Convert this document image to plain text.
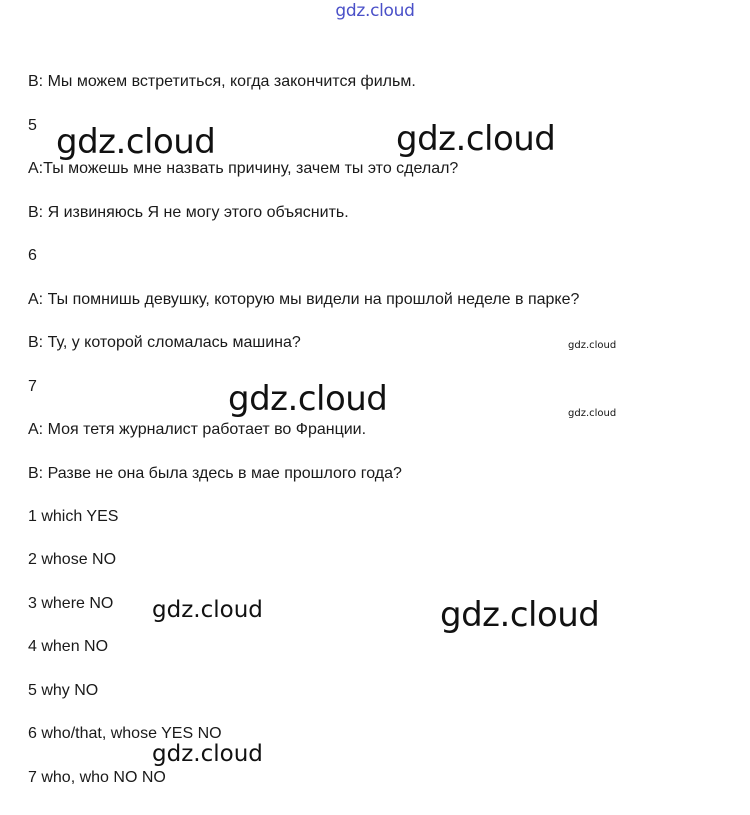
gdz.cloud

B: Мы можем встретиться, когда закончится фильм.

5

A:Ты можешь мне назвать причину, зачем ты это сделал?

B: Я извиняюсь Я не могу этого объяснить.

6

A: Ты помнишь девушку, которую мы видели на прошлой неделе в парке?

B: Ту, у которой сломалась машина?

7

A: Моя тетя журналист работает во Франции.

B: Разве не она была здесь в мае прошлого года?

1 which YES

2 whose NO

3 where NO

4 when NO

5 why NO

6 who/that, whose YES NO

7 who, who NO NO

gdz.cloud	gdz.cloud
gdz.cloud
gdz.cloud
gdz.cloud
gdz.cloud
gdz.cloud
gdz.cloud
